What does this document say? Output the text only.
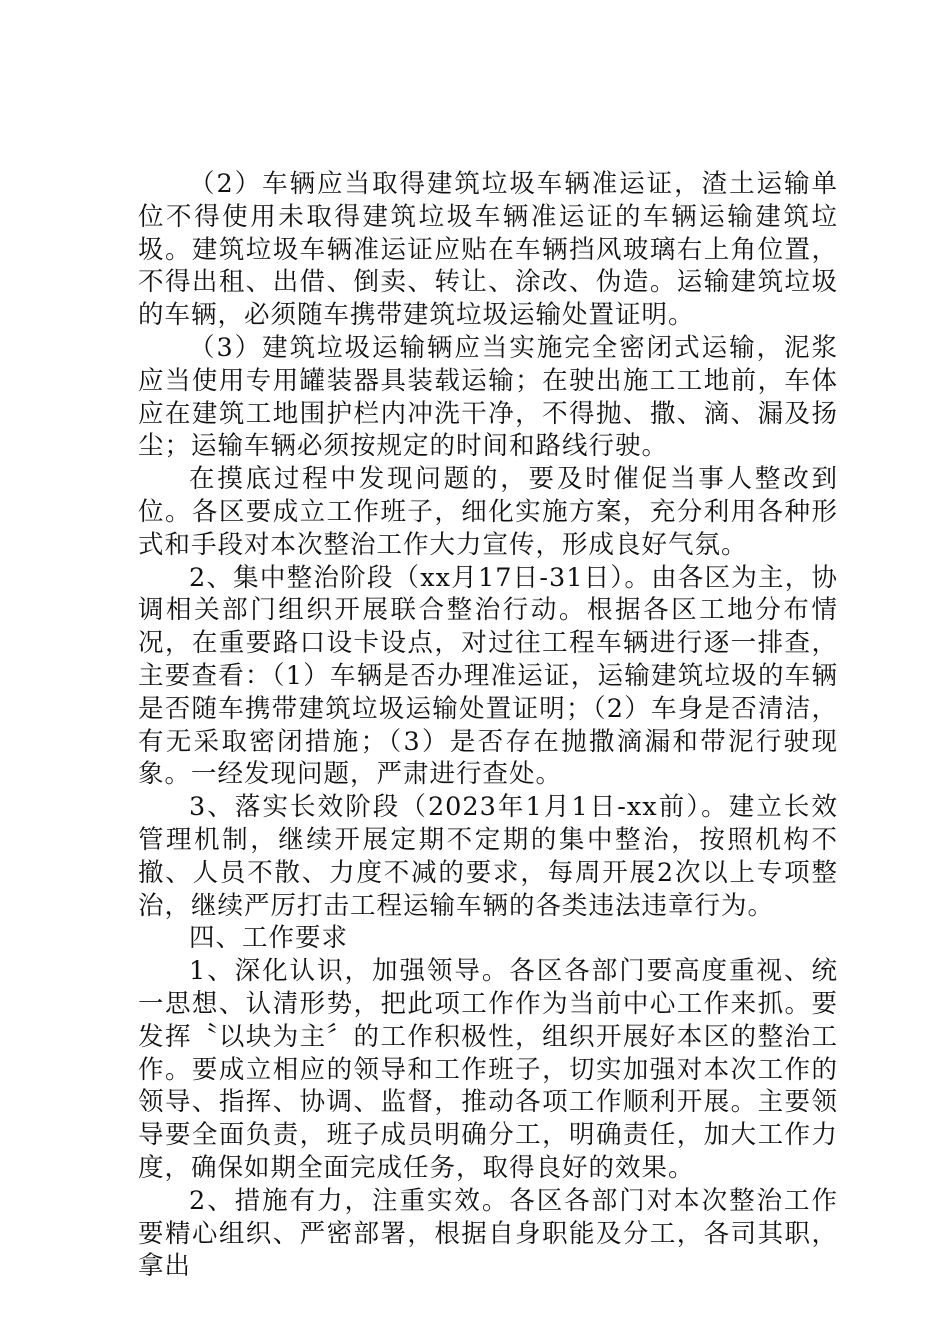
（2）车辆应当取得建筑垃圾车辆准运证，渣土运输单位不得使用未取得建筑垃圾车辆准运证的车辆运输建筑垃圾。建筑垃圾车辆准运证应贴在车辆挡风玻璃右上角位置，不得出租、出借、倒卖、转让、涂改、伪造。运输建筑垃圾的车辆，必须随车携带建筑垃圾运输处置证明。

（3）建筑垃圾运输辆应当实施完全密闭式运输，泥浆应当使用专用罐装器具装载运输；在驶出施工工地前，车体应在建筑工地围护栏内冲洗干净，不得抛、撒、滴、漏及扬尘；运输车辆必须按规定的时间和路线行驶。

在摸底过程中发现问题的，要及时催促当事人整改到位。各区要成立工作班子，细化实施方案，充分利用各种形式和手段对本次整治工作大力宣传，形成良好气氛。

2、集中整治阶段（xx月17日-31日）。由各区为主，协调相关部门组织开展联合整治行动。根据各区工地分布情况，在重要路口设卡设点，对过往工程车辆进行逐一排查，主要查看：（1）车辆是否办理准运证，运输建筑垃圾的车辆是否随车携带建筑垃圾运输处置证明；（2）车身是否清洁，有无采取密闭措施；（3）是否存在抛撒滴漏和带泥行驶现象。一经发现问题，严肃进行查处。

3、落实长效阶段（2023年1月1日-xx前）。建立长效管理机制，继续开展定期不定期的集中整治，按照机构不撤、人员不散、力度不减的要求，每周开展2次以上专项整治，继续严厉打击工程运输车辆的各类违法违章行为。

四、工作要求

1、深化认识，加强领导。各区各部门要高度重视、统一思想、认清形势，把此项工作作为当前中心工作来抓。要发挥〝以块为主〞的工作积极性，组织开展好本区的整治工作。要成立相应的领导和工作班子，切实加强对本次工作的领导、指挥、协调、监督，推动各项工作顺利开展。主要领导要全面负责，班子成员明确分工，明确责任，加大工作力度，确保如期全面完成任务，取得良好的效果。

2、措施有力，注重实效。各区各部门对本次整治工作要精心组织、严密部署，根据自身职能及分工，各司其职，拿出
